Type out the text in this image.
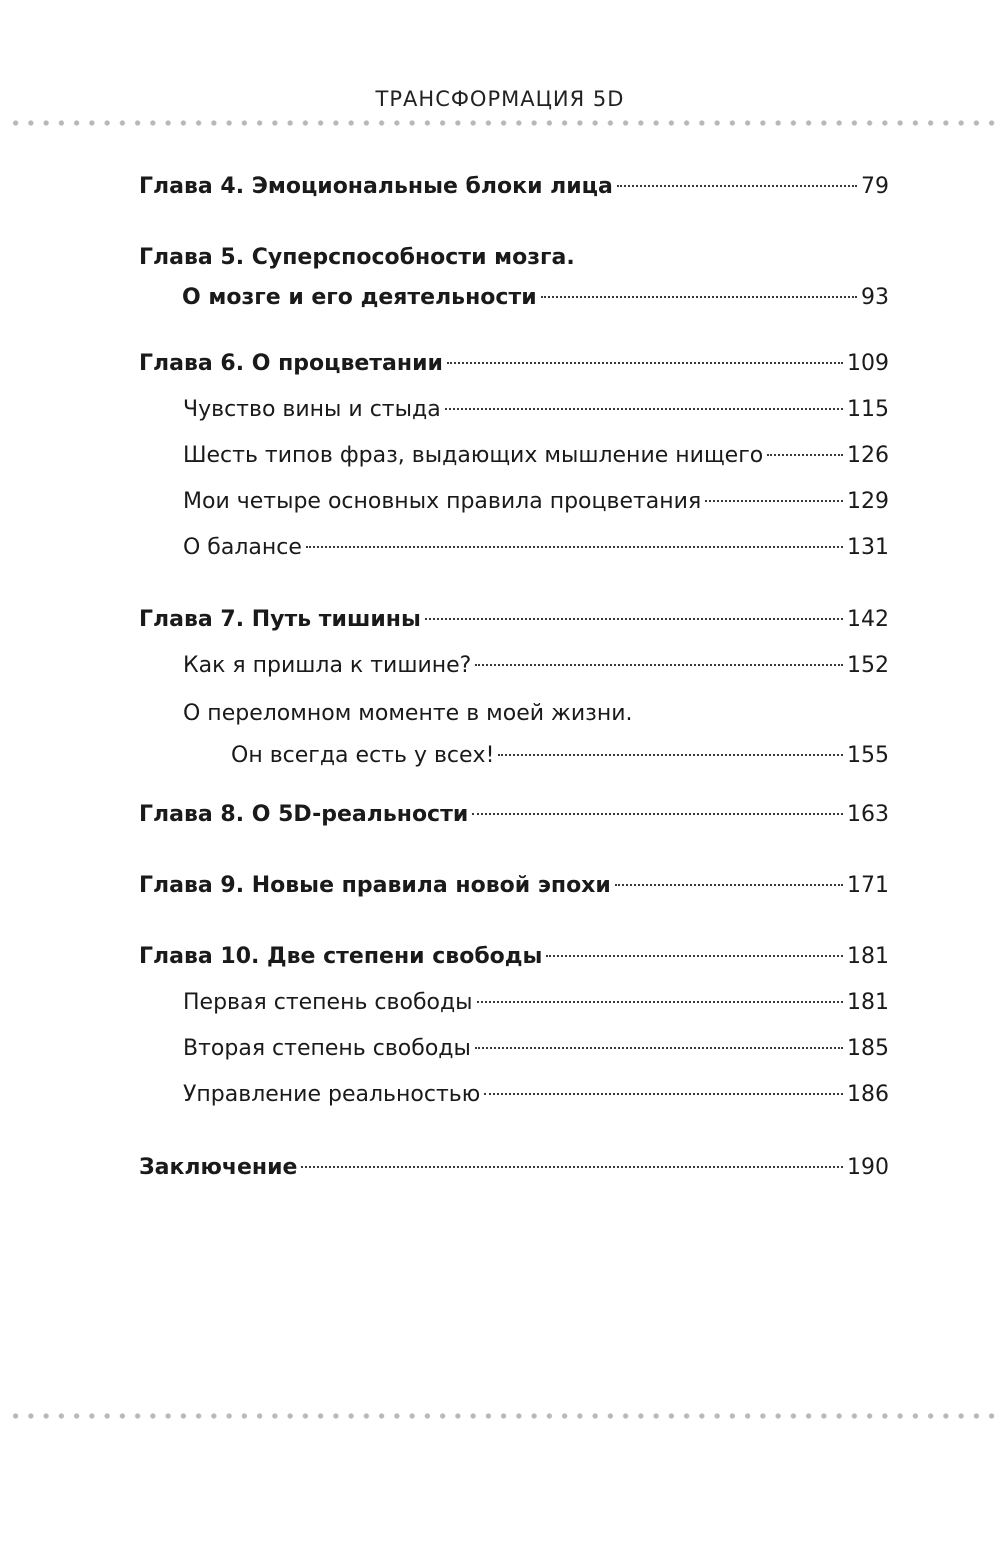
ТРАНСФОРМАЦИЯ 5D
Глава 4. Эмоциональные блоки лица	79
Глава 5. Суперспособности мозга.
О мозге и его деятельности	93
Глава 6. О процветании	109
Чувство вины и стыда	115
Шесть типов фраз, выдающих мышление нищего	126
Мои четыре основных правила процветания	129
О балансе	131
Глава 7. Путь тишины	142
Как я пришла к тишине?	152
О переломном моменте в моей жизни.
Он всегда есть у всех!	155
Глава 8. О 5D-реальности	163
Глава 9. Новые правила новой эпохи	171
Глава 10. Две степени свободы	181
Первая степень свободы	181
Вторая степень свободы	185
Управление реальностью	186
Заключение	190
